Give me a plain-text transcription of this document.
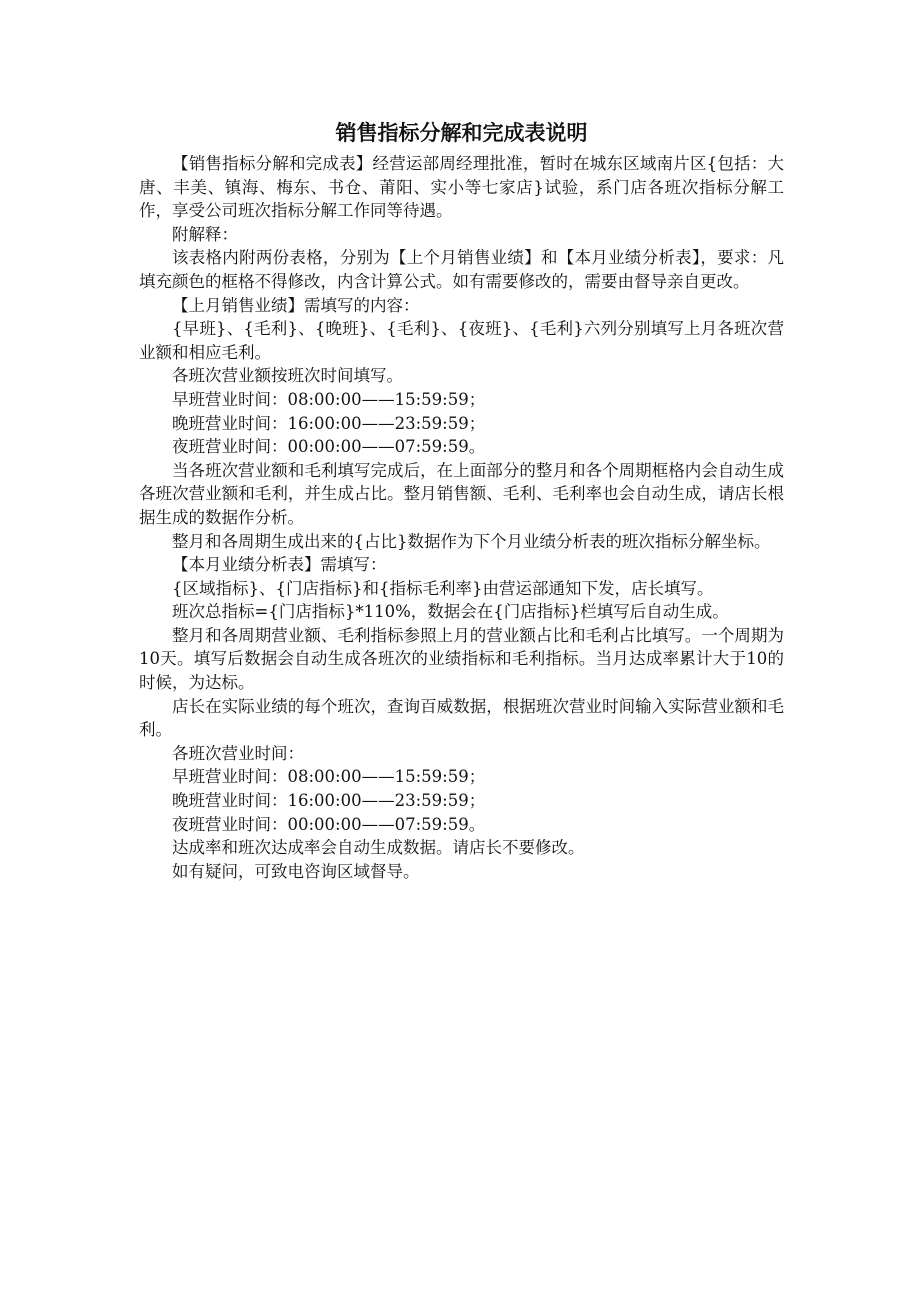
销售指标分解和完成表说明

【销售指标分解和完成表】经营运部周经理批准，暂时在城东区域南片区{包括：大唐、丰美、镇海、梅东、书仓、莆阳、实小等七家店}试验，系门店各班次指标分解工作，享受公司班次指标分解工作同等待遇。

附解释：

该表格内附两份表格，分别为【上个月销售业绩】和【本月业绩分析表】，要求：凡填充颜色的框格不得修改，内含计算公式。如有需要修改的，需要由督导亲自更改。

【上月销售业绩】需填写的内容：

{早班}、{毛利}、{晚班}、{毛利}、{夜班}、{毛利}六列分别填写上月各班次营业额和相应毛利。

各班次营业额按班次时间填写。

早班营业时间：08:00:00——15:59:59；

晚班营业时间：16:00:00——23:59:59；

夜班营业时间：00:00:00——07:59:59。

当各班次营业额和毛利填写完成后，在上面部分的整月和各个周期框格内会自动生成各班次营业额和毛利，并生成占比。整月销售额、毛利、毛利率也会自动生成，请店长根据生成的数据作分析。

整月和各周期生成出来的{占比}数据作为下个月业绩分析表的班次指标分解坐标。

【本月业绩分析表】需填写：

{区域指标}、{门店指标}和{指标毛利率}由营运部通知下发，店长填写。

班次总指标={门店指标}*110%，数据会在{门店指标}栏填写后自动生成。

整月和各周期营业额、毛利指标参照上月的营业额占比和毛利占比填写。一个周期为10天。填写后数据会自动生成各班次的业绩指标和毛利指标。当月达成率累计大于10的时候，为达标。

店长在实际业绩的每个班次，查询百威数据，根据班次营业时间输入实际营业额和毛利。

各班次营业时间：

早班营业时间：08:00:00——15:59:59；

晚班营业时间：16:00:00——23:59:59；

夜班营业时间：00:00:00——07:59:59。

达成率和班次达成率会自动生成数据。请店长不要修改。

如有疑问，可致电咨询区域督导。
